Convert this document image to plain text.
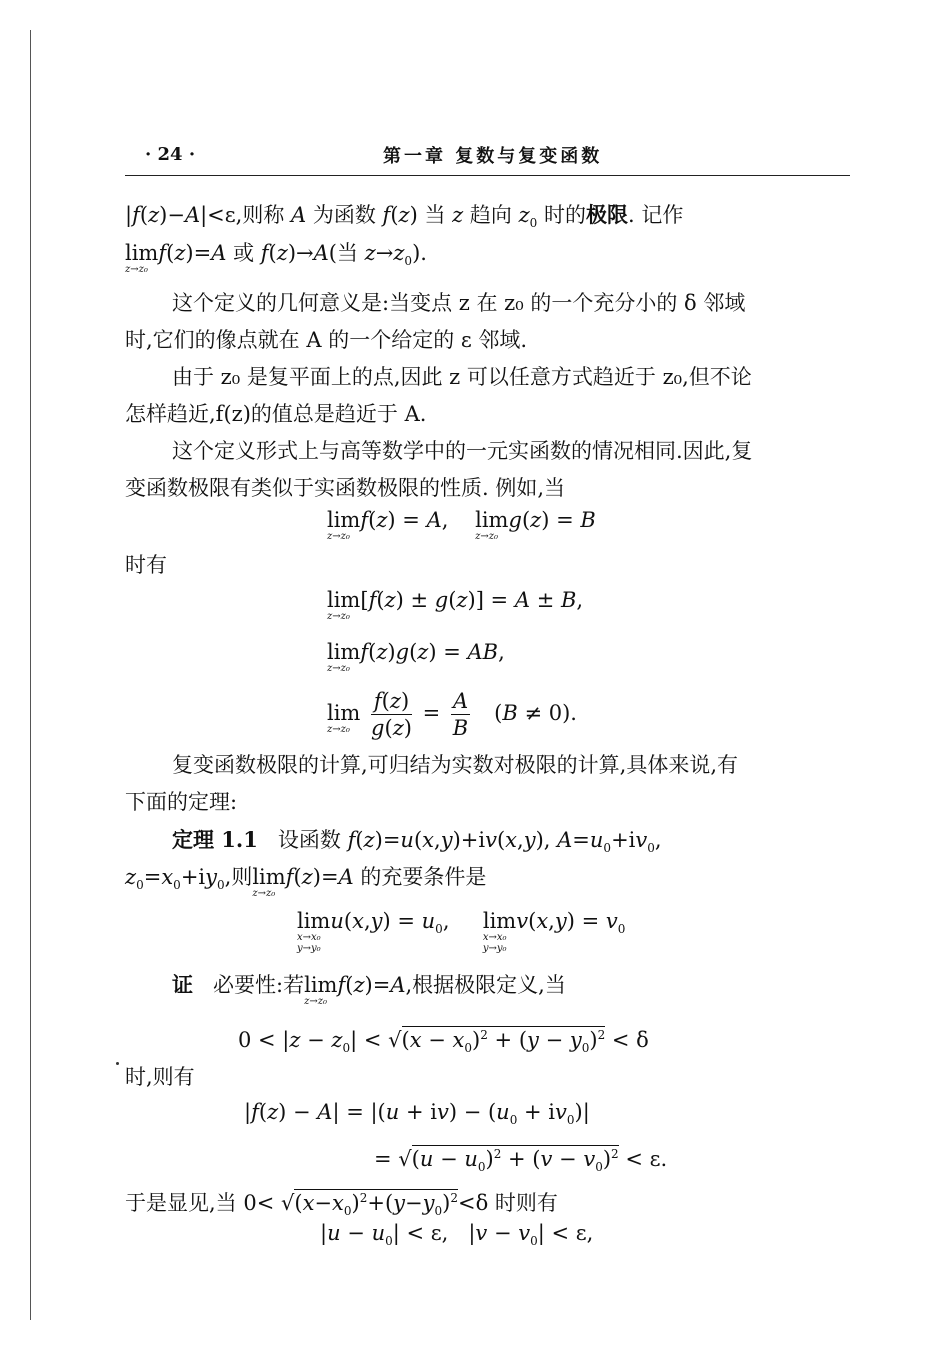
· 24 ·	第一章 复数与复变函数
|f(z)−A|<ε,则称 A 为函数 f(z) 当 z 趋向 $z_0$ 时的极限. 记作
lim
z→z₀
f(z)=A 或 f(z)→A(当 $z\to z_0$).
这个定义的几何意义是:当变点 z 在 z₀ 的一个充分小的 δ 邻域
时,它们的像点就在 A 的一个给定的 ε 邻域.
由于 z₀ 是复平面上的点,因此 z 可以任意方式趋近于 z₀,但不论
怎样趋近,f(z)的值总是趋近于 A.
这个定义形式上与高等数学中的一元实函数的情况相同.因此,复
变函数极限有类似于实函数极限的性质. 例如,当
lim
z→z₀
f(z) = A,    lim
z→z₀
g(z) = B
时有
lim
z→z₀
[f(z) ± g(z)] = A ± B,
lim
z→z₀
f(z)g(z) = AB,
lim
z→z₀
$\frac{f(z)}{g(z)} = \frac{A}{B} (B \ne 0)$.
复变函数极限的计算,可归结为实数对极限的计算,具体来说,有
下面的定理:
定理 1.1   设函数 f(z)=u(x,y)+iv(x,y), $A=u_0+iv_0$,
$z_0=x_0+iy_0$,则lim
z→z₀
f(z)=A 的充要条件是
lim
x→x₀
y→y₀
$u(x,y) = u_0$,     lim
x→x₀
y→y₀
$v(x,y) = v_0$
证   必要性:若lim
z→z₀
f(z)=A,根据极限定义,当
$0 < |z - z_0| < √(x - x_0)^2 + (y - y_0)^2 < \delta$
时,则有
$|f(z) - A| = |(u + iv) - (u_0 + iv_0)|$
= $√(u - u_0)^2 + (v - v_0)^2 < \varepsilon$.
于是显见,当 $0< √(x-x_0)^2+(y-y_0)^2<\delta$ 时则有
$|u - u_0| < \varepsilon$,   $|v - v_0| < \varepsilon$,
